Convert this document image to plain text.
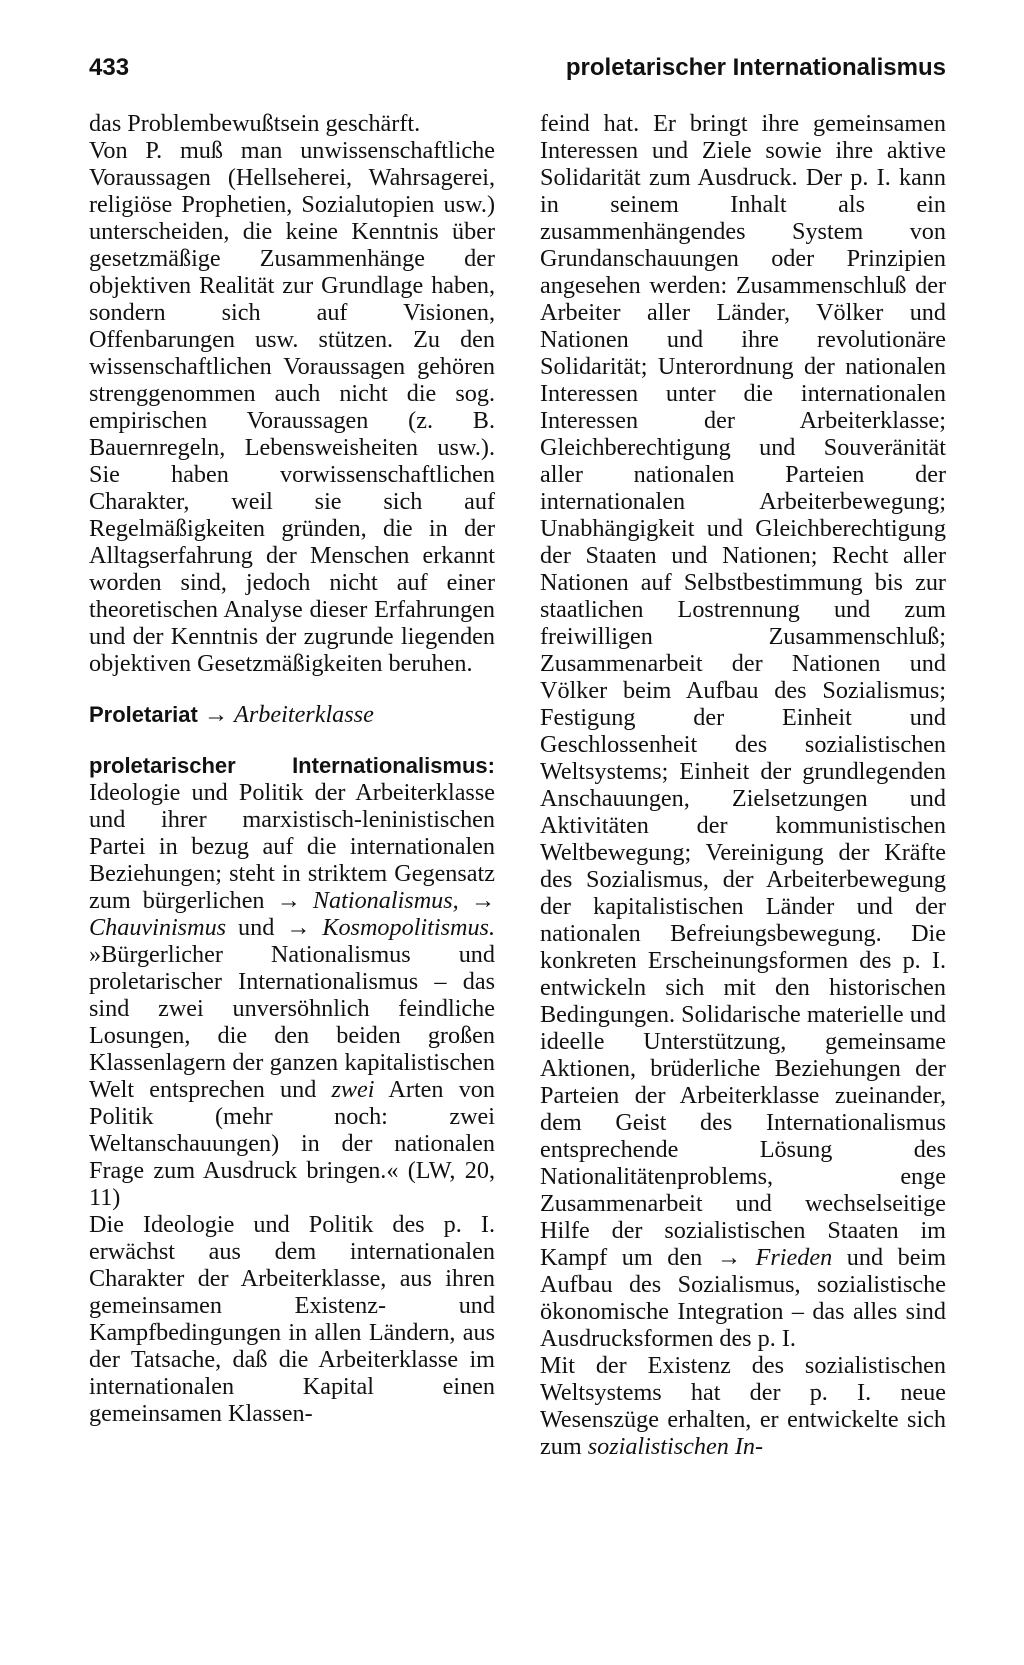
433	proletarischer Internationalismus

das Problembewußtsein geschärft.

Von P. muß man unwissenschaftliche Voraussagen (Hellseherei, Wahrsagerei, religiöse Prophetien, Sozialutopien usw.) unterscheiden, die keine Kenntnis über gesetzmäßige Zusammenhänge der objektiven Realität zur Grundlage haben, sondern sich auf Visionen, Offenbarungen usw. stützen. Zu den wissenschaftlichen Voraussagen gehören strenggenommen auch nicht die sog. empirischen Voraussagen (z. B. Bauernregeln, Lebensweisheiten usw.). Sie haben vorwissenschaftlichen Charakter, weil sie sich auf Regelmäßigkeiten gründen, die in der Alltagserfahrung der Menschen erkannt worden sind, jedoch nicht auf einer theoretischen Analyse dieser Erfahrungen und der Kenntnis der zugrunde liegenden objektiven Gesetzmäßigkeiten beruhen.

Proletariat → Arbeiterklasse

proletarischer Internationalismus: Ideologie und Politik der Arbeiterklasse und ihrer marxistisch-leninistischen Partei in bezug auf die internationalen Beziehungen; steht in striktem Gegensatz zum bürgerlichen → Nationalismus, → Chauvinismus und → Kosmopolitismus. »Bürgerlicher Nationalismus und proletarischer Internationalismus – das sind zwei unversöhnlich feindliche Losungen, die den beiden großen Klassenlagern der ganzen kapitalistischen Welt entsprechen und zwei Arten von Politik (mehr noch: zwei Weltanschauungen) in der nationalen Frage zum Ausdruck bringen.« (LW, 20, 11)

Die Ideologie und Politik des p. I. erwächst aus dem internationalen Charakter der Arbeiterklasse, aus ihren gemeinsamen Existenz- und Kampfbedingungen in allen Ländern, aus der Tatsache, daß die Arbeiterklasse im internationalen Kapital einen gemeinsamen Klassen-

feind hat. Er bringt ihre gemeinsamen Interessen und Ziele sowie ihre aktive Solidarität zum Ausdruck. Der p. I. kann in seinem Inhalt als ein zusammenhängendes System von Grundanschauungen oder Prinzipien angesehen werden: Zusammenschluß der Arbeiter aller Länder, Völker und Nationen und ihre revolutionäre Solidarität; Unterordnung der nationalen Interessen unter die internationalen Interessen der Arbeiterklasse; Gleichberechtigung und Souveränität aller nationalen Parteien der internationalen Arbeiterbewegung; Unabhängigkeit und Gleichberechtigung der Staaten und Nationen; Recht aller Nationen auf Selbstbestimmung bis zur staatlichen Lostrennung und zum freiwilligen Zusammenschluß; Zusammenarbeit der Nationen und Völker beim Aufbau des Sozialismus; Festigung der Einheit und Geschlossenheit des sozialistischen Weltsystems; Einheit der grundlegenden Anschauungen, Zielsetzungen und Aktivitäten der kommunistischen Weltbewegung; Vereinigung der Kräfte des Sozialismus, der Arbeiterbewegung der kapitalistischen Länder und der nationalen Befreiungsbewegung. Die konkreten Erscheinungsformen des p. I. entwickeln sich mit den historischen Bedingungen. Solidarische materielle und ideelle Unterstützung, gemeinsame Aktionen, brüderliche Beziehungen der Parteien der Arbeiterklasse zueinander, dem Geist des Internationalismus entsprechende Lösung des Nationalitätenproblems, enge Zusammenarbeit und wechselseitige Hilfe der sozialistischen Staaten im Kampf um den → Frieden und beim Aufbau des Sozialismus, sozialistische ökonomische Integration – das alles sind Ausdrucksformen des p. I.

Mit der Existenz des sozialistischen Weltsystems hat der p. I. neue Wesenszüge erhalten, er entwickelte sich zum sozialistischen In-
